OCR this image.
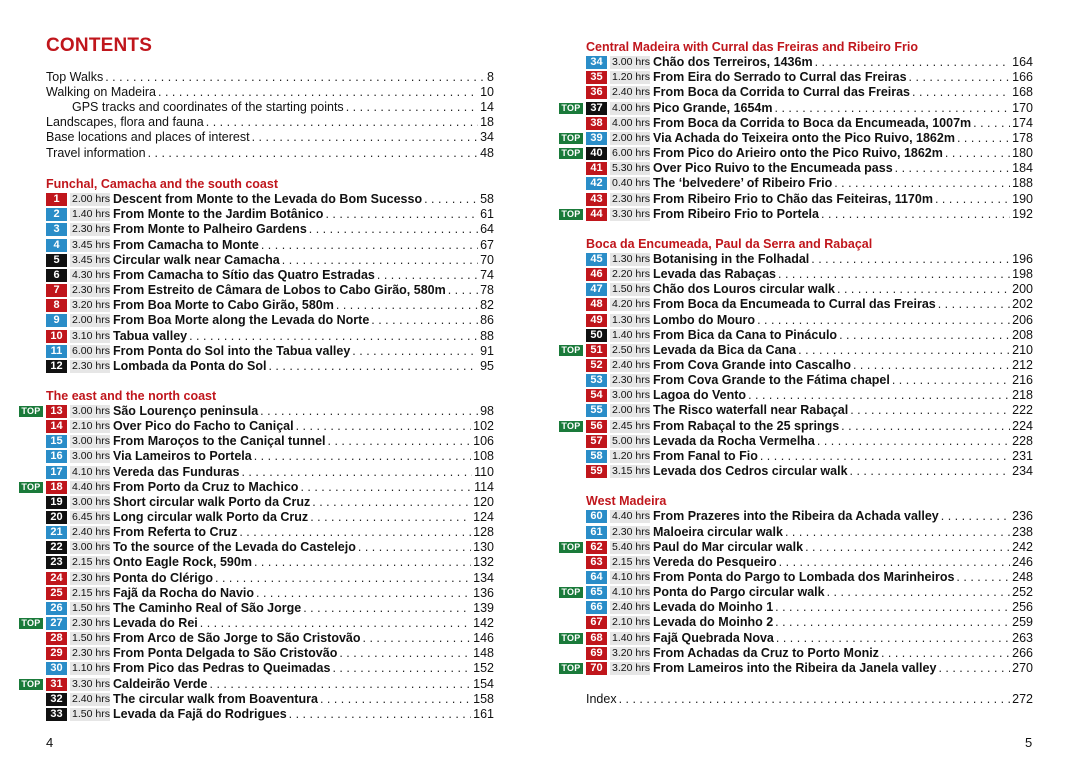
CONTENTS
Top Walks . . .	8
Walking on Madeira . . .	10
GPS tracks and coordinates of the starting points . . .	14
Landscapes, flora and fauna . . .	18
Base locations and places of interest . . .	34
Travel information . . .	48
Funchal, Camacha and the south coast
1	2.00 hrs Descent from Monte to the Levada do Bom Sucesso . . .	58
2	1.40 hrs From Monte to the Jardim Botânico . . .	61
3	2.30 hrs From Monte to Palheiro Gardens . . .	64
4	3.45 hrs From Camacha to Monte . . .	67
5	3.45 hrs Circular walk near Camacha . . .	70
6	4.30 hrs From Camacha to Sítio das Quatro Estradas . . .	74
7	2.30 hrs From Estreito de Câmara de Lobos to Cabo Girão, 580m . . .	78
8	3.20 hrs From Boa Morte to Cabo Girão, 580m . . .	82
9	2.00 hrs From Boa Morte along the Levada do Norte . . .	86
10 3.10 hrs Tabua valley . . .	88
11 6.00 hrs From Ponta do Sol into the Tabua valley . . .	91
12 2.30 hrs Lombada da Ponta do Sol . . .	95
The east and the north coast
TOP 13 3.00 hrs São Lourenço peninsula . . .	98
14 2.10 hrs Over Pico do Facho to Caniçal . . .	102
15 3.00 hrs From Maroços to the Caniçal tunnel . . .	106
16 3.00 hrs Via Lameiros to Portela . . .	108
17 4.10 hrs Vereda das Funduras . . .	110
TOP 18 4.40 hrs From Porto da Cruz to Machico . . .	114
19 3.00 hrs Short circular walk Porto da Cruz . . .	120
20 6.45 hrs Long circular walk Porto da Cruz . . .	124
21 2.40 hrs From Referta to Cruz . . .	128
22 3.00 hrs To the source of the Levada do Castelejo . . .	130
23 2.15 hrs Onto Eagle Rock, 590m . . .	132
24 2.30 hrs Ponta do Clérigo . . .	134
25 2.15 hrs Fajã da Rocha do Navio . . .	136
26 1.50 hrs The Caminho Real of São Jorge . . .	139
TOP 27 2.30 hrs Levada do Rei . . .	142
28 1.50 hrs From Arco de São Jorge to São Cristovão . . .	146
29 2.30 hrs From Ponta Delgada to São Cristovão . . .	148
30 1.10 hrs From Pico das Pedras to Queimadas . . .	152
TOP 31 3.30 hrs Caldeirão Verde . . .	154
32 2.40 hrs The circular walk from Boaventura . . .	158
33 1.50 hrs Levada da Fajã do Rodrigues . . .	161
4
Central Madeira with Curral das Freiras and Ribeiro Frio
34 3.00 hrs Chão dos Terreiros, 1436m . . .	164
35 1.20 hrs From Eira do Serrado to Curral das Freiras . . .	166
36 2.40 hrs From Boca da Corrida to Curral das Freiras . . .	168
TOP 37 4.00 hrs Pico Grande, 1654m . . .	170
38 4.00 hrs From Boca da Corrida to Boca da Encumeada, 1007m . . .	174
TOP 39 2.00 hrs Via Achada do Teixeira onto the Pico Ruivo, 1862m . . .	178
TOP 40 6.00 hrs From Pico do Arieiro onto the Pico Ruivo, 1862m . . .	180
41 5.30 hrs Over Pico Ruivo to the Encumeada pass . . .	184
42 0.40 hrs The ‘belvedere’ of Ribeiro Frio . . .	188
43 2.30 hrs From Ribeiro Frio to Chão das Feiteiras, 1170m . . .	190
TOP 44 3.30 hrs From Ribeiro Frio to Portela . . .	192
Boca da Encumeada, Paul da Serra and Rabaçal
45 1.30 hrs Botanising in the Folhadal . . .	196
46 2.20 hrs Levada das Rabaças . . .	198
47 1.50 hrs Chão dos Louros circular walk . . .	200
48 4.20 hrs From Boca da Encumeada to Curral das Freiras . . .	202
49 1.30 hrs Lombo do Mouro . . .	206
50 1.40 hrs From Bica da Cana to Pináculo . . .	208
TOP 51 2.50 hrs Levada da Bica da Cana . . .	210
52 2.40 hrs From Cova Grande into Cascalho . . .	212
53 2.30 hrs From Cova Grande to the Fátima chapel . . .	216
54 3.00 hrs Lagoa do Vento . . .	218
55 2.00 hrs The Risco waterfall near Rabaçal . . .	222
TOP 56 2.45 hrs From Rabaçal to the 25 springs . . .	224
57 5.00 hrs Levada da Rocha Vermelha . . .	228
58 1.20 hrs From Fanal to Fio . . .	231
59 3.15 hrs Levada dos Cedros circular walk . . .	234
West Madeira
60 4.40 hrs From Prazeres into the Ribeira da Achada valley . . .	236
61 2.30 hrs Maloeira circular walk . . .	238
TOP 62 5.40 hrs Paul do Mar circular walk . . .	242
63 2.15 hrs Vereda do Pesqueiro . . .	246
64 4.10 hrs From Ponta do Pargo to Lombada dos Marinheiros . . .	248
TOP 65 4.10 hrs Ponta do Pargo circular walk . . .	252
66 2.40 hrs Levada do Moinho 1 . . .	256
67 2.10 hrs Levada do Moinho 2 . . .	259
TOP 68 1.40 hrs Fajã Quebrada Nova . . .	263
69 3.20 hrs From Achadas da Cruz to Porto Moniz . . .	266
TOP 70 3.20 hrs From Lameiros into the Ribeira da Janela valley . . .	270
Index . . .	272
5
